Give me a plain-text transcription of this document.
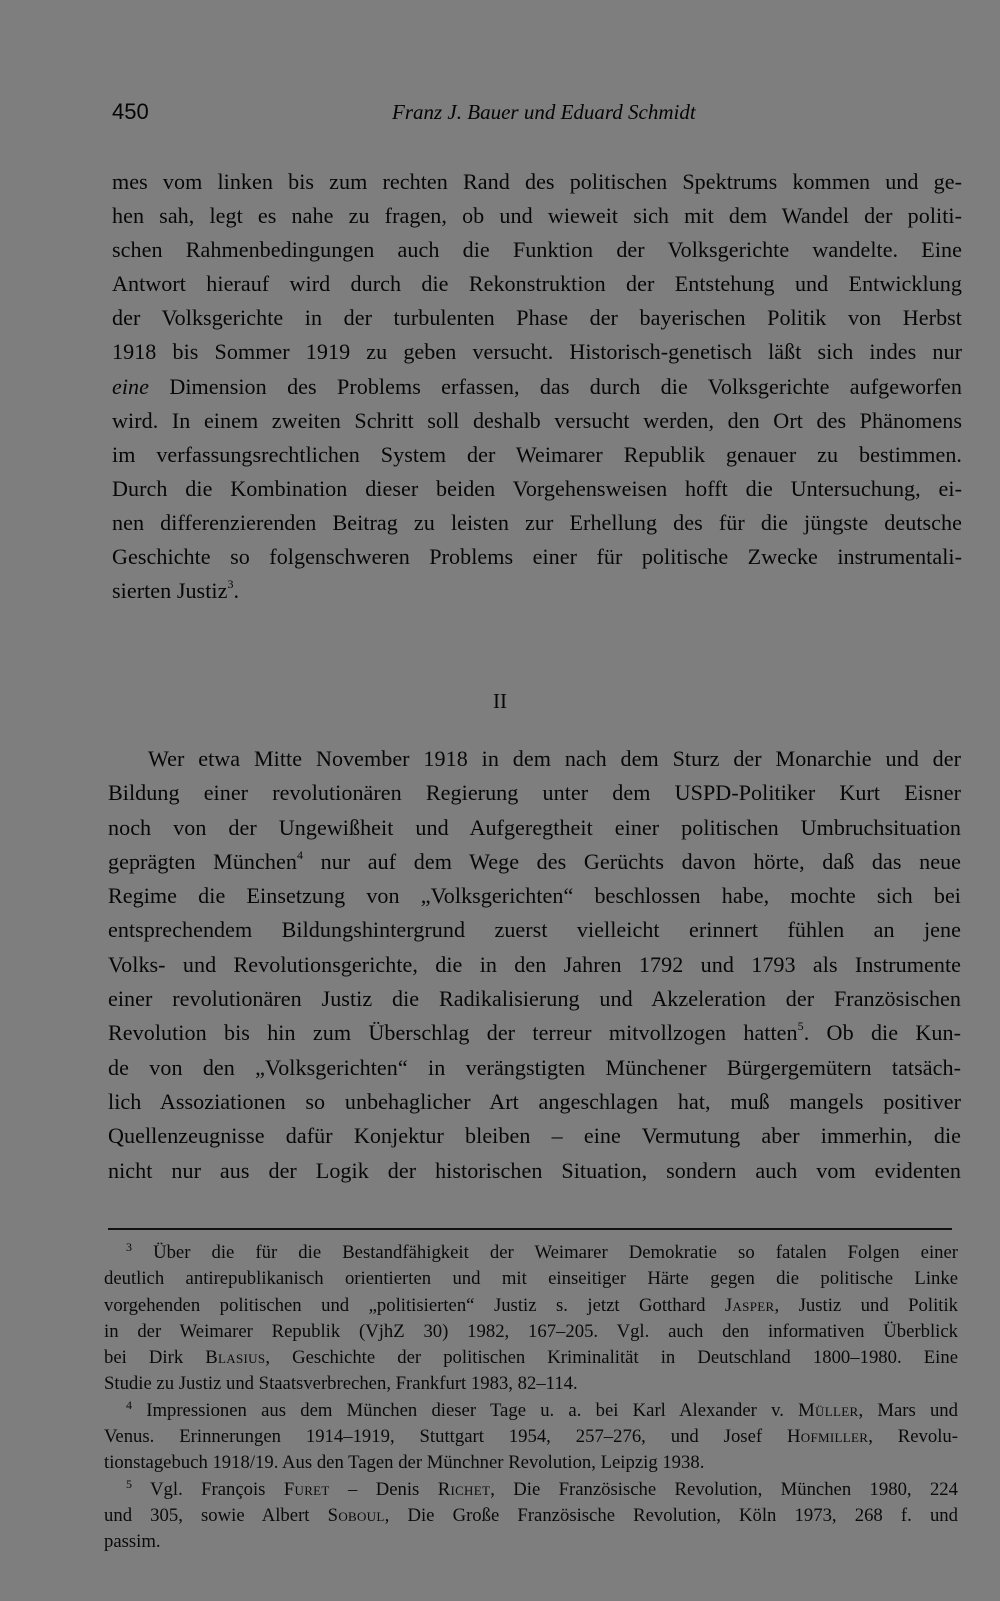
450	Franz J. Bauer und Eduard Schmidt
mes vom linken bis zum rechten Rand des politischen Spektrums kommen und ge-
hen sah, legt es nahe zu fragen, ob und wieweit sich mit dem Wandel der politi-
schen Rahmenbedingungen auch die Funktion der Volksgerichte wandelte. Eine
Antwort hierauf wird durch die Rekonstruktion der Entstehung und Entwicklung
der Volksgerichte in der turbulenten Phase der bayerischen Politik von Herbst
1918 bis Sommer 1919 zu geben versucht. Historisch-genetisch läßt sich indes nur
eine Dimension des Problems erfassen, das durch die Volksgerichte aufgeworfen
wird. In einem zweiten Schritt soll deshalb versucht werden, den Ort des Phänomens
im verfassungsrechtlichen System der Weimarer Republik genauer zu bestimmen.
Durch die Kombination dieser beiden Vorgehensweisen hofft die Untersuchung, ei-
nen differenzierenden Beitrag zu leisten zur Erhellung des für die jüngste deutsche
Geschichte so folgenschweren Problems einer für politische Zwecke instrumentali-
sierten Justiz$^3$.
II
Wer etwa Mitte November 1918 in dem nach dem Sturz der Monarchie und der
Bildung einer revolutionären Regierung unter dem USPD-Politiker Kurt Eisner
noch von der Ungewißheit und Aufgeregtheit einer politischen Umbruchsituation
geprägten München$^4$ nur auf dem Wege des Gerüchts davon hörte, daß das neue
Regime die Einsetzung von „Volksgerichten“ beschlossen habe, mochte sich bei
entsprechendem Bildungshintergrund zuerst vielleicht erinnert fühlen an jene
Volks- und Revolutionsgerichte, die in den Jahren 1792 und 1793 als Instrumente
einer revolutionären Justiz die Radikalisierung und Akzeleration der Französischen
Revolution bis hin zum Überschlag der terreur mitvollzogen hatten$^5$. Ob die Kun-
de von den „Volksgerichten“ in verängstigten Münchener Bürgergemütern tatsäch-
lich Assoziationen so unbehaglicher Art angeschlagen hat, muß mangels positiver
Quellenzeugnisse dafür Konjektur bleiben – eine Vermutung aber immerhin, die
nicht nur aus der Logik der historischen Situation, sondern auch vom evidenten
$^3$ Über die für die Bestandfähigkeit der Weimarer Demokratie so fatalen Folgen einer
deutlich antirepublikanisch orientierten und mit einseitiger Härte gegen die politische Linke
vorgehenden politischen und „politisierten“ Justiz s. jetzt Gotthard Jasper, Justiz und Politik
in der Weimarer Republik (VjhZ 30) 1982, 167–205. Vgl. auch den informativen Überblick
bei Dirk Blasius, Geschichte der politischen Kriminalität in Deutschland 1800–1980. Eine
Studie zu Justiz und Staatsverbrechen, Frankfurt 1983, 82–114.
$^4$ Impressionen aus dem München dieser Tage u. a. bei Karl Alexander v. Müller, Mars und
Venus. Erinnerungen 1914–1919, Stuttgart 1954, 257–276, und Josef Hofmiller, Revolu-
tionstagebuch 1918/19. Aus den Tagen der Münchner Revolution, Leipzig 1938.
$^5$ Vgl. François Furet – Denis Richet, Die Französische Revolution, München 1980, 224
und 305, sowie Albert Soboul, Die Große Französische Revolution, Köln 1973, 268 f. und
passim.
